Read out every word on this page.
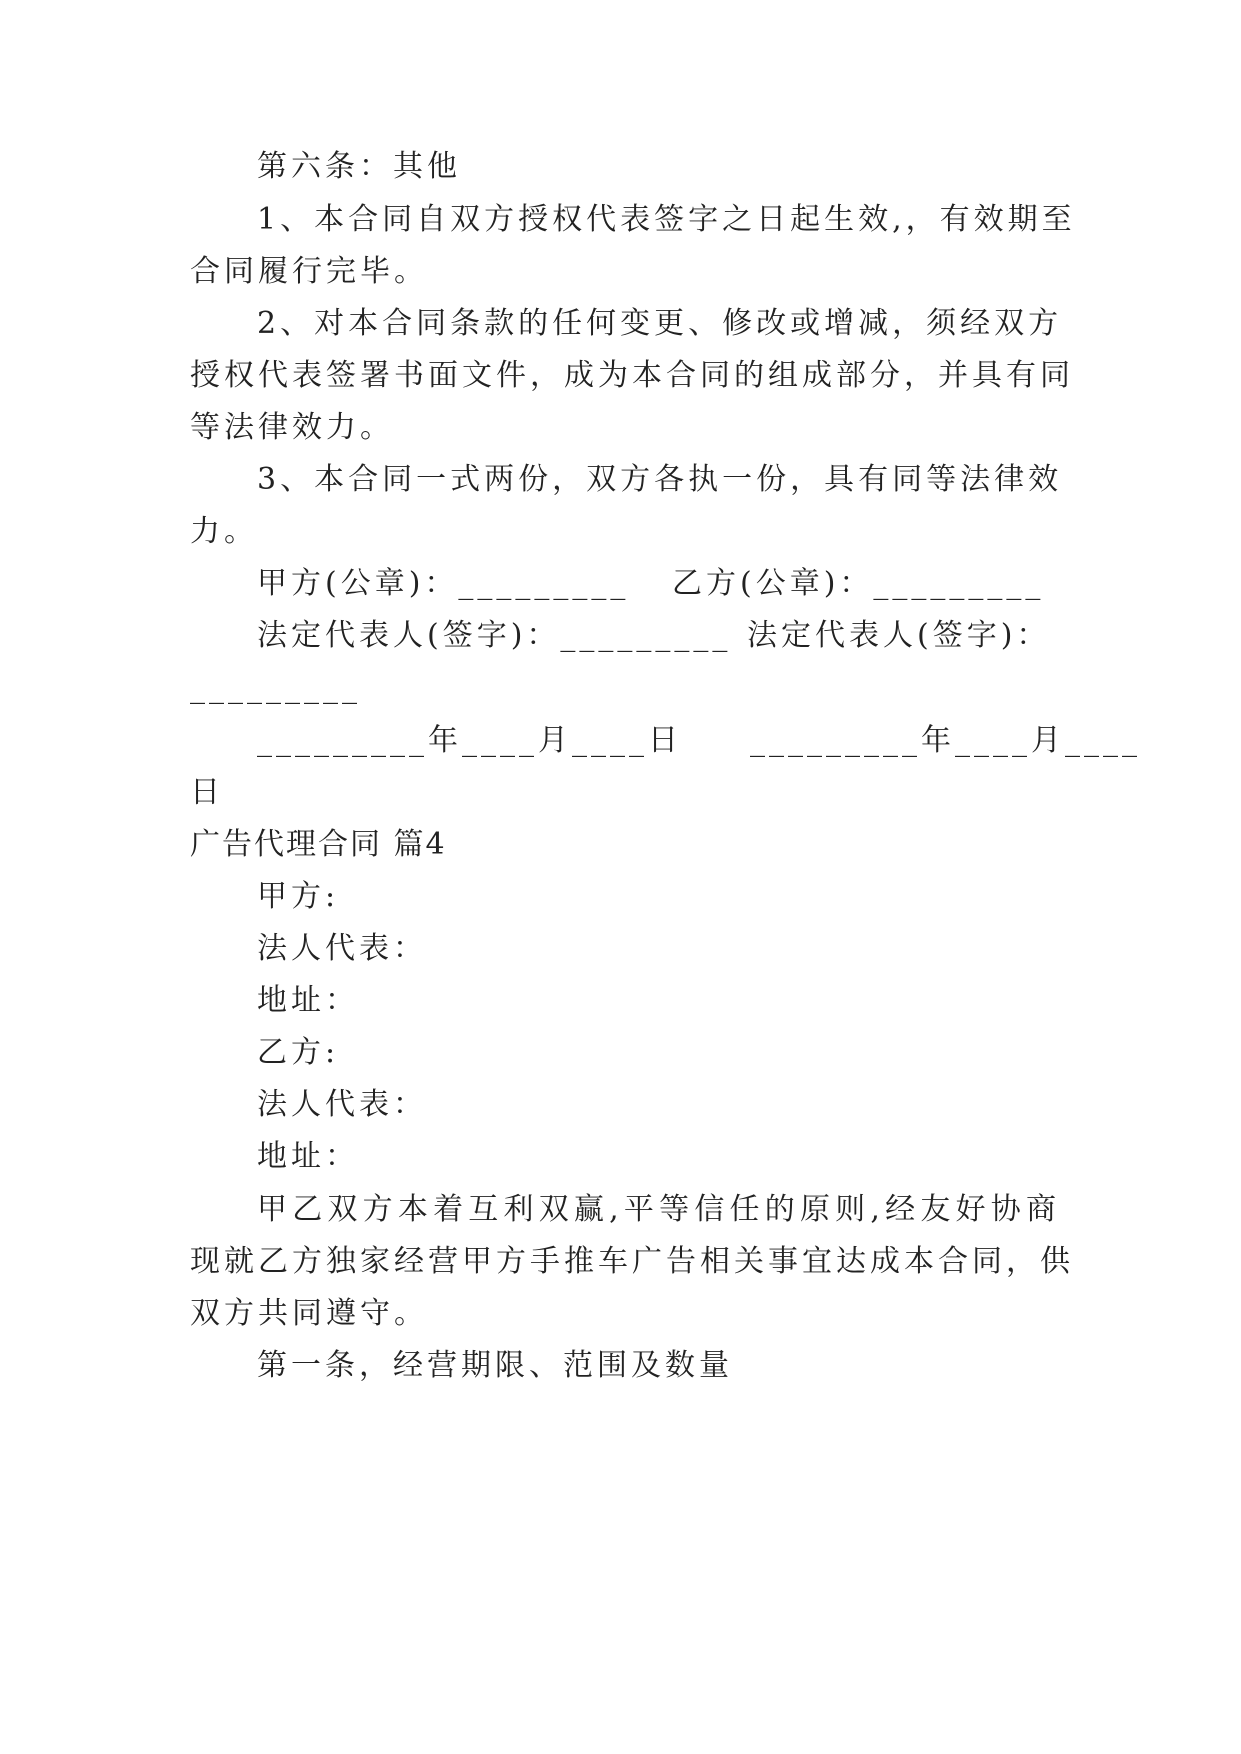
第六条：其他
1、本合同自双方授权代表签字之日起生效,，有效期至
合同履行完毕。
2、对本合同条款的任何变更、修改或增减，须经双方
授权代表签署书面文件，成为本合同的组成部分，并具有同
等法律效力。
3、本合同一式两份，双方各执一份，具有同等法律效
力。
甲方(公章)：_________ 乙方(公章)：_________
法定代表人(签字)：_________ 法定代表人(签字)：
_________
_________年____月____日　　_________年____月____
日
广告代理合同 篇4
甲方:
法人代表：
地址：
乙方:
法人代表：
地址：
甲乙双方本着互利双赢,平等信任的原则,经友好协商
现就乙方独家经营甲方手推车广告相关事宜达成本合同，供
双方共同遵守。
第一条，经营期限、范围及数量
